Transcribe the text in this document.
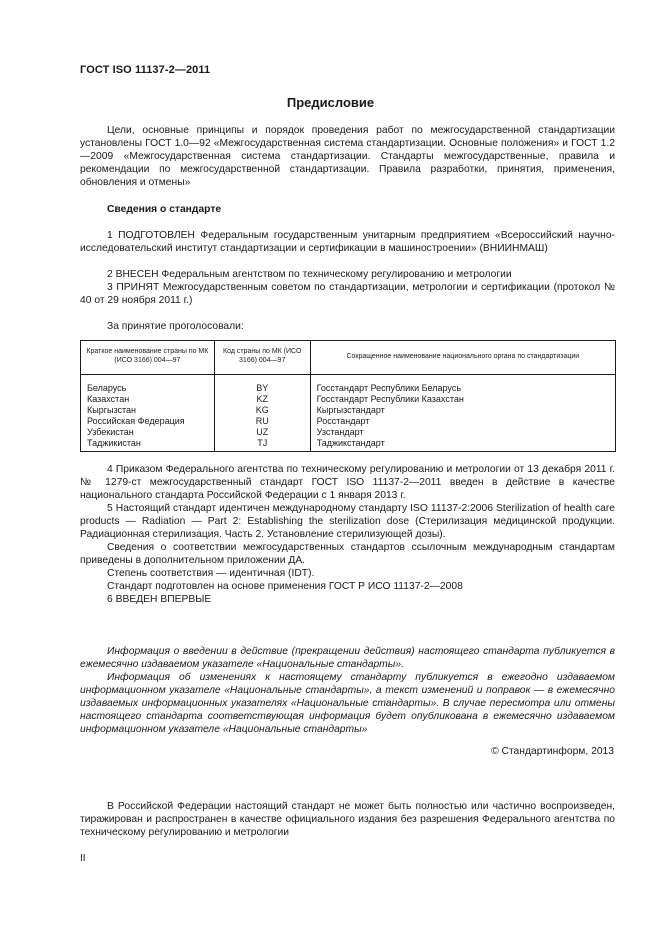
ГОСТ ISO 11137-2—2011
Предисловие

Цели, основные принципы и порядок проведения работ по межгосударственной стандартизации установлены ГОСТ 1.0—92 «Межгосударственная система стандартизации. Основные положения» и ГОСТ 1.2—2009 «Межгосударственная система стандартизации. Стандарты межгосударственные, правила и рекомендации по межгосударственной стандартизации. Правила разработки, принятия, применения, обновления и отмены»

Сведения о стандарте

1 ПОДГОТОВЛЕН Федеральным государственным унитарным предприятием «Всероссийский научно-исследовательский институт стандартизации и сертификации в машиностроении» (ВНИИНМАШ)

2 ВНЕСЕН Федеральным агентством по техническому регулированию и метрологии

3 ПРИНЯТ Межгосударственным советом по стандартизации, метрологии и сертификации (протокол № 40 от 29 ноября 2011 г.)

За принятие проголосовали:

Краткое наименование страны по МК (ИСО 3166) 004—97	Код страны по МК (ИСО 3166) 004—97	Сокращенное наименование национального органа по стандартизации
Беларусь	BY	Госстандарт Республики Беларусь
Казахстан	KZ	Госстандарт Республики Казахстан
Кыргызстан	KG	Кыргызстандарт
Российская Федерация	RU	Росстандарт
Узбекистан	UZ	Узстандарт
Таджикистан	TJ	Таджикстандарт

4 Приказом Федерального агентства по техническому регулированию и метрологии от 13 декабря 2011 г. № 1279-ст межгосударственный стандарт ГОСТ ISO 11137-2—2011 введен в действие в качестве национального стандарта Российской Федерации с 1 января 2013 г.

5 Настоящий стандарт идентичен международному стандарту ISO 11137-2:2006 Sterilization of health care products — Radiation — Part 2: Establishing the sterilization dose (Стерилизация медицинской продукции. Радиационная стерилизация. Часть 2. Установление стерилизующей дозы).

Сведения о соответствии межгосударственных стандартов ссылочным международным стандартам приведены в дополнительном приложении ДА.

Степень соответствия — идентичная (IDT).

Стандарт подготовлен на основе применения ГОСТ Р ИСО 11137-2—2008

6 ВВЕДЕН ВПЕРВЫЕ

Информация о введении в действие (прекращении действия) настоящего стандарта публикуется в ежемесячно издаваемом указателе «Национальные стандарты».

Информация об изменениях к настоящему стандарту публикуется в ежегодно издаваемом информационном указателе «Национальные стандарты», а текст изменений и поправок — в ежемесячно издаваемых информационных указателях «Национальные стандарты». В случае пересмотра или отмены настоящего стандарта соответствующая информация будет опубликована в ежемесячно издаваемом информационном указателе «Национальные стандарты»

© Стандартинформ, 2013

В Российской Федерации настоящий стандарт не может быть полностью или частично воспроизведен, тиражирован и распространен в качестве официального издания без разрешения Федерального агентства по техническому регулированию и метрологии

II
